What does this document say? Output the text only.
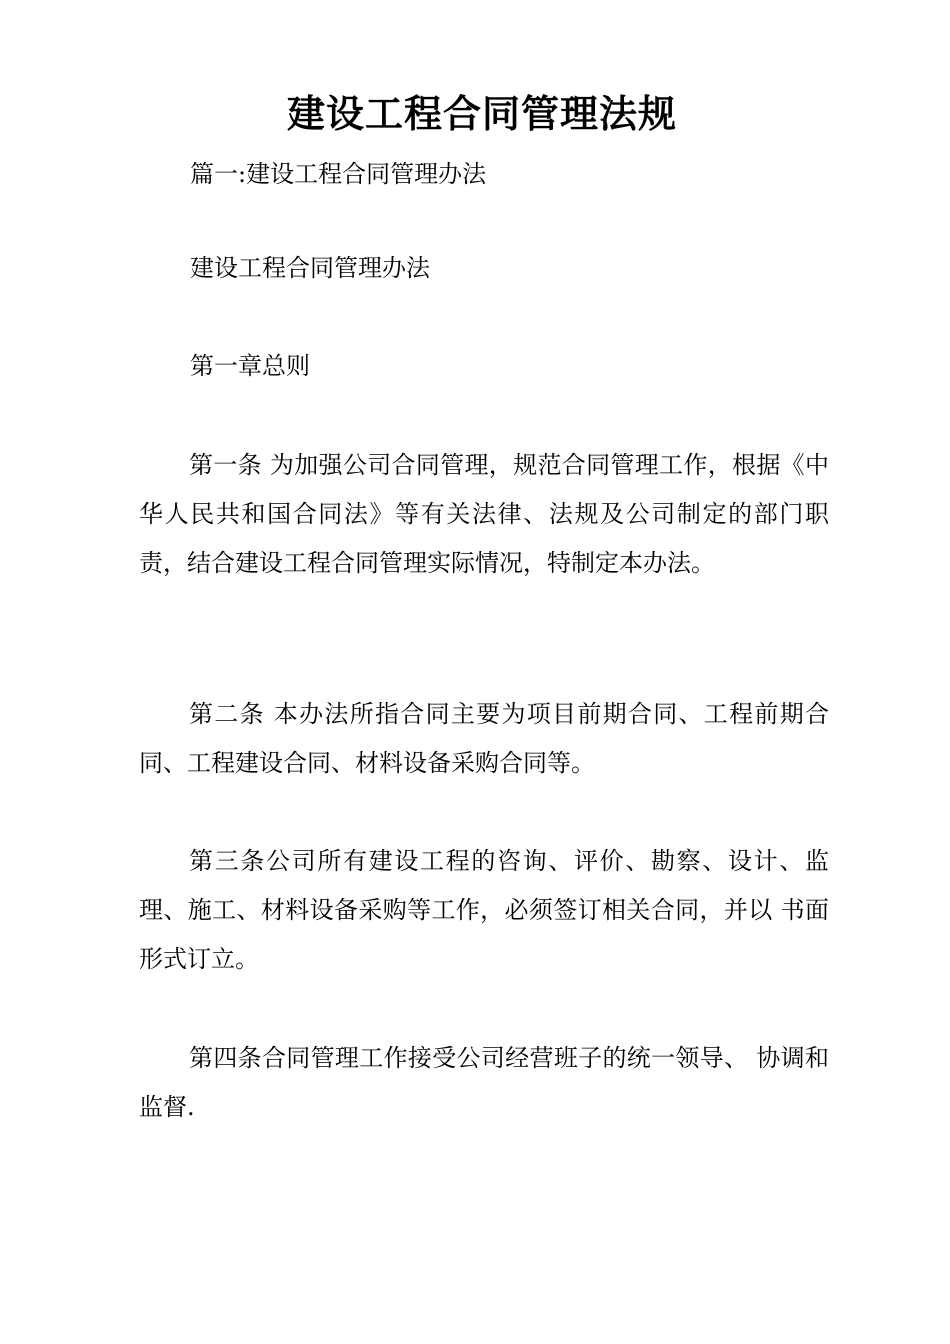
建设工程合同管理法规
篇一:建设工程合同管理办法
建设工程合同管理办法
第一章总则
第一条 为加强公司合同管理，规范合同管理工作，根据《中华人民共和国合同法》等有关法律、法规及公司制定的部门职责，结合建设工程合同管理实际情况，特制定本办法。
第二条 本办法所指合同主要为项目前期合同、工程前期合同、工程建设合同、材料设备采购合同等。
第三条公司所有建设工程的咨询、评价、勘察、设计、监理、施工、材料设备采购等工作，必须签订相关合同，并以 书面形式订立。
第四条合同管理工作接受公司经营班子的统一领导、 协调和监督.
